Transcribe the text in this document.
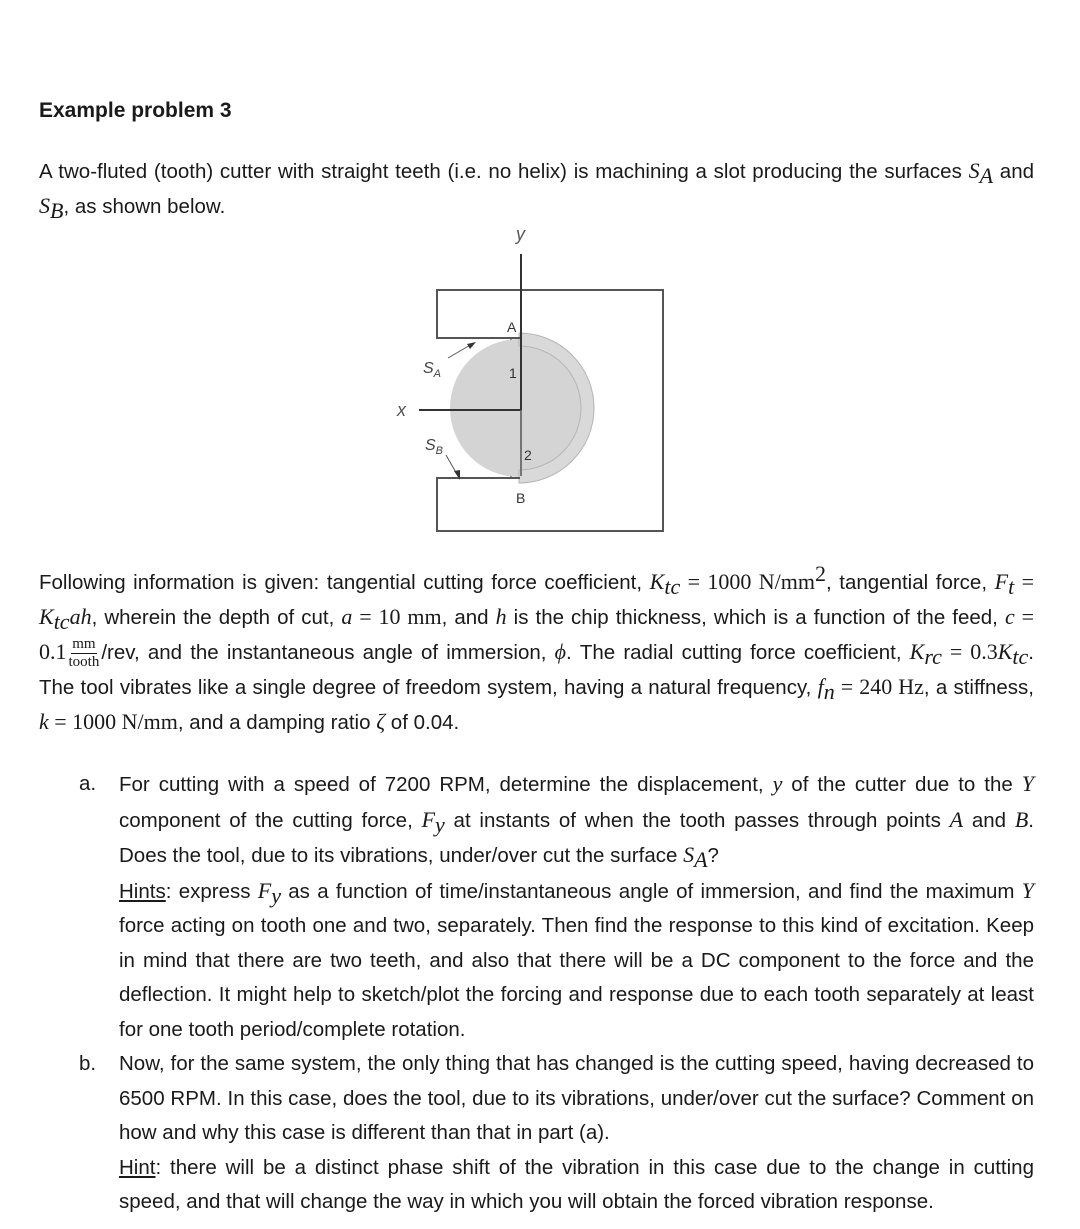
Example problem 3
A two-fluted (tooth) cutter with straight teeth (i.e. no helix) is machining a slot producing the surfaces $S_A$ and $S_B$, as shown below.
y
x
A
1
2
B
$S_A$
$S_B$
Following information is given: tangential cutting force coefficient, $K_{tc} = 1000$ $N/mm^2$, tangential force, $F_t = K_{tc}ah$, wherein the depth of cut, a = 10 mm, and h is the chip thickness, which is a function of the feed, $c = 0.1 \frac{mm}{\text{tooth}} /rev$, and the instantaneous angle of immersion, ϕ. The radial cutting force coefficient, $K_{rc} = 0.3K_{tc}$. The tool vibrates like a single degree of freedom system, having a natural frequency, $f_n = 240$ Hz, a stiffness, k = 1000 N/mm, and a damping ratio ζ of 0.04.
a.	For cutting with a speed of 7200 RPM, determine the displacement, y of the cutter due to the Y component of the cutting force, $F_y$ at instants of when the tooth passes through points A and B. Does the tool, due to its vibrations, under/over cut the surface $S_A$?
Hints: express $F_y$ as a function of time/instantaneous angle of immersion, and find the maximum Y force acting on tooth one and two, separately. Then find the response to this kind of excitation. Keep in mind that there are two teeth, and also that there will be a DC component to the force and the deflection. It might help to sketch/plot the forcing and response due to each tooth separately at least for one tooth period/complete rotation.
b.	Now, for the same system, the only thing that has changed is the cutting speed, having decreased to 6500 RPM. In this case, does the tool, due to its vibrations, under/over cut the surface? Comment on how and why this case is different than that in part (a).
Hint: there will be a distinct phase shift of the vibration in this case due to the change in cutting speed, and that will change the way in which you will obtain the forced vibration response.
